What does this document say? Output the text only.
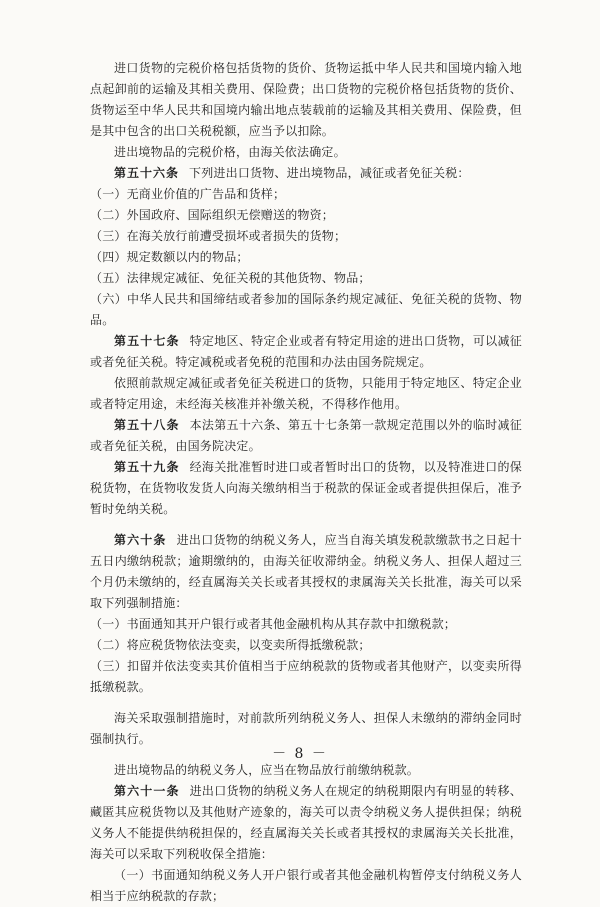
进口货物的完税价格包括货物的货价、货物运抵中华人民共和国境内输入地点起卸前的运输及其相关费用、保险费；出口货物的完税价格包括货物的货价、货物运至中华人民共和国境内输出地点装载前的运输及其相关费用、保险费，但是其中包含的出口关税税额，应当予以扣除。

进出境物品的完税价格，由海关依法确定。

第五十六条 下列进出口货物、进出境物品，减征或者免征关税：

（一）无商业价值的广告品和货样；

（二）外国政府、国际组织无偿赠送的物资；

（三）在海关放行前遭受损坏或者损失的货物；

（四）规定数额以内的物品；

（五）法律规定减征、免征关税的其他货物、物品；

（六）中华人民共和国缔结或者参加的国际条约规定减征、免征关税的货物、物品。

第五十七条 特定地区、特定企业或者有特定用途的进出口货物，可以减征或者免征关税。特定减税或者免税的范围和办法由国务院规定。

依照前款规定减征或者免征关税进口的货物，只能用于特定地区、特定企业或者特定用途，未经海关核准并补缴关税，不得移作他用。

第五十八条 本法第五十六条、第五十七条第一款规定范围以外的临时减征或者免征关税，由国务院决定。

第五十九条 经海关批准暂时进口或者暂时出口的货物，以及特准进口的保税货物，在货物收发货人向海关缴纳相当于税款的保证金或者提供担保后，准予暂时免纳关税。

第六十条 进出口货物的纳税义务人，应当自海关填发税款缴款书之日起十五日内缴纳税款；逾期缴纳的，由海关征收滞纳金。纳税义务人、担保人超过三个月仍未缴纳的，经直属海关关长或者其授权的隶属海关关长批准，海关可以采取下列强制措施：

（一）书面通知其开户银行或者其他金融机构从其存款中扣缴税款；

（二）将应税货物依法变卖，以变卖所得抵缴税款；

（三）扣留并依法变卖其价值相当于应纳税款的货物或者其他财产，以变卖所得抵缴税款。

海关采取强制措施时，对前款所列纳税义务人、担保人未缴纳的滞纳金同时强制执行。

进出境物品的纳税义务人，应当在物品放行前缴纳税款。

第六十一条 进出口货物的纳税义务人在规定的纳税期限内有明显的转移、藏匿其应税货物以及其他财产迹象的，海关可以责令纳税义务人提供担保；纳税义务人不能提供纳税担保的，经直属海关关长或者其授权的隶属海关关长批准，海关可以采取下列税收保全措施：

（一）书面通知纳税义务人开户银行或者其他金融机构暂停支付纳税义务人相当于应纳税款的存款；

－ 8 －
